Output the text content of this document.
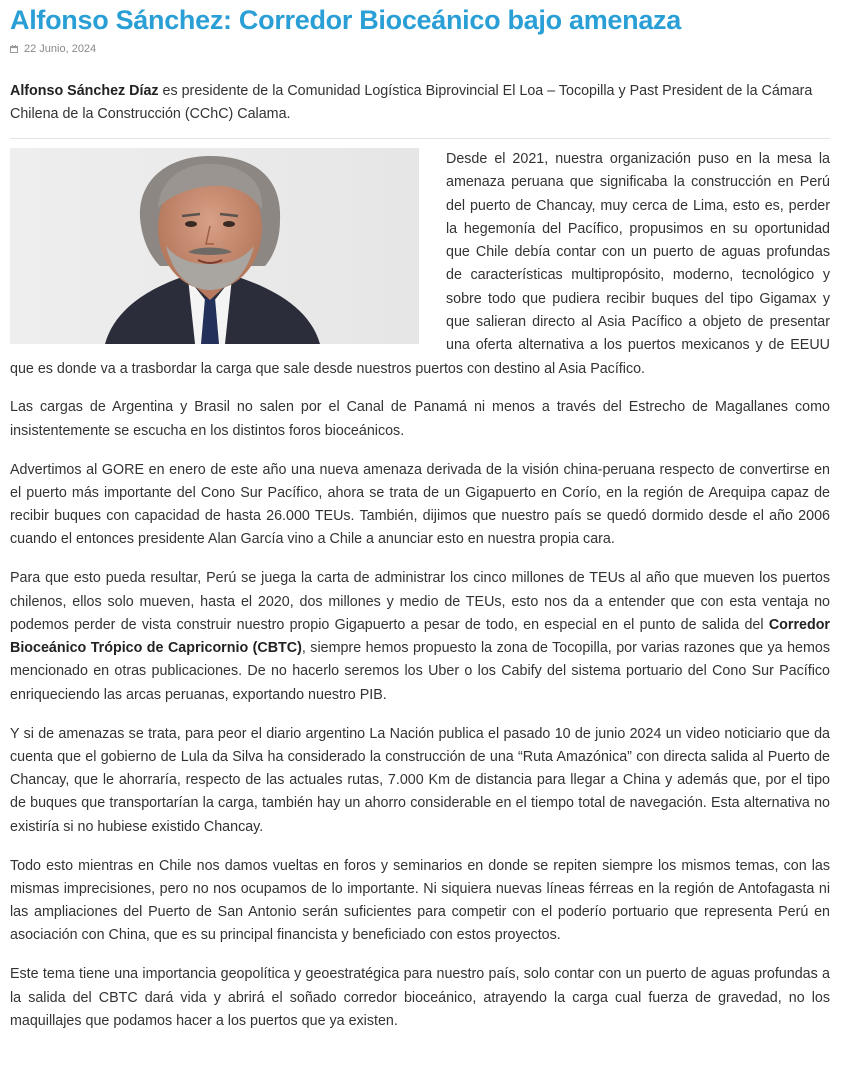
Alfonso Sánchez: Corredor Bioceánico bajo amenaza
22 Junio, 2024

Alfonso Sánchez Díaz es presidente de la Comunidad Logística Biprovincial El Loa – Tocopilla y Past President de la Cámara Chilena de la Construcción (CChC) Calama.

Desde el 2021, nuestra organización puso en la mesa la amenaza peruana que significaba la construcción en Perú del puerto de Chancay, muy cerca de Lima, esto es, perder la hegemonía del Pacífico, propusimos en su oportunidad que Chile debía contar con un puerto de aguas profundas de características multipropósito, moderno, tecnológico y sobre todo que pudiera recibir buques del tipo Gigamax y que salieran directo al Asia Pacífico a objeto de presentar una oferta alternativa a los puertos mexicanos y de EEUU que es donde va a trasbordar la carga que sale desde nuestros puertos con destino al Asia Pacífico.

Las cargas de Argentina y Brasil no salen por el Canal de Panamá ni menos a través del Estrecho de Magallanes como insistentemente se escucha en los distintos foros bioceánicos.

Advertimos al GORE en enero de este año una nueva amenaza derivada de la visión china-peruana respecto de convertirse en el puerto más importante del Cono Sur Pacífico, ahora se trata de un Gigapuerto en Corío, en la región de Arequipa capaz de recibir buques con capacidad de hasta 26.000 TEUs. También, dijimos que nuestro país se quedó dormido desde el año 2006 cuando el entonces presidente Alan García vino a Chile a anunciar esto en nuestra propia cara.

Para que esto pueda resultar, Perú se juega la carta de administrar los cinco millones de TEUs al año que mueven los puertos chilenos, ellos solo mueven, hasta el 2020, dos millones y medio de TEUs, esto nos da a entender que con esta ventaja no podemos perder de vista construir nuestro propio Gigapuerto a pesar de todo, en especial en el punto de salida del Corredor Bioceánico Trópico de Capricornio (CBTC), siempre hemos propuesto la zona de Tocopilla, por varias razones que ya hemos mencionado en otras publicaciones. De no hacerlo seremos los Uber o los Cabify del sistema portuario del Cono Sur Pacífico enriqueciendo las arcas peruanas, exportando nuestro PIB.

Y si de amenazas se trata, para peor el diario argentino La Nación publica el pasado 10 de junio 2024 un video noticiario que da cuenta que el gobierno de Lula da Silva ha considerado la construcción de una “Ruta Amazónica” con directa salida al Puerto de Chancay, que le ahorraría, respecto de las actuales rutas, 7.000 Km de distancia para llegar a China y además que, por el tipo de buques que transportarían la carga, también hay un ahorro considerable en el tiempo total de navegación. Esta alternativa no existiría si no hubiese existido Chancay.

Todo esto mientras en Chile nos damos vueltas en foros y seminarios en donde se repiten siempre los mismos temas, con las mismas imprecisiones, pero no nos ocupamos de lo importante. Ni siquiera nuevas líneas férreas en la región de Antofagasta ni las ampliaciones del Puerto de San Antonio serán suficientes para competir con el poderío portuario que representa Perú en asociación con China, que es su principal financista y beneficiado con estos proyectos.

Este tema tiene una importancia geopolítica y geoestratégica para nuestro país, solo contar con un puerto de aguas profundas a la salida del CBTC dará vida y abrirá el soñado corredor bioceánico, atrayendo la carga cual fuerza de gravedad, no los maquillajes que podamos hacer a los puertos que ya existen.
